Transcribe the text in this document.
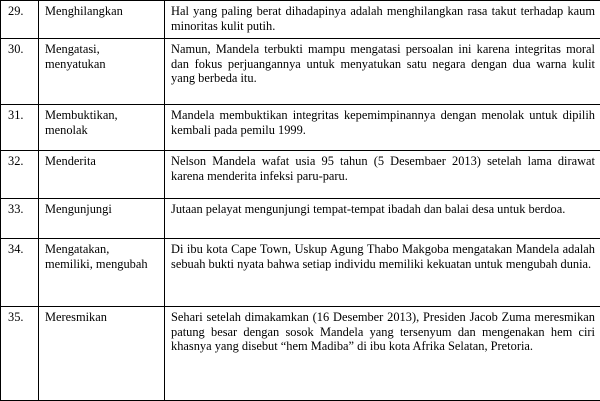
29.	Menghilangkan	Hal yang paling berat dihadapinya adalah menghilangkan rasa takut terhadap kaum minoritas kulit putih.
30.	Mengatasi, menyatukan	Namun, Mandela terbukti mampu mengatasi persoalan ini karena integritas moral dan fokus perjuangannya untuk menyatukan satu negara dengan dua warna kulit yang berbeda itu.
31.	Membuktikan, menolak	Mandela membuktikan integritas kepemimpinannya dengan menolak untuk dipilih kembali pada pemilu 1999.
32.	Menderita	Nelson Mandela wafat usia 95 tahun (5 Desembaer 2013) setelah lama dirawat karena menderita infeksi paru-paru.
33.	Mengunjungi	Jutaan pelayat mengunjungi tempat-tempat ibadah dan balai desa untuk berdoa.
34.	Mengatakan, memiliki, mengubah	Di ibu kota Cape Town, Uskup Agung Thabo Makgoba mengatakan Mandela adalah sebuah bukti nyata bahwa setiap individu memiliki kekuatan untuk mengubah dunia.
35.	Meresmikan	Sehari setelah dimakamkan (16 Desember 2013), Presiden Jacob Zuma meresmikan patung besar dengan sosok Mandela yang tersenyum dan mengenakan hem ciri khasnya yang disebut “hem Madiba” di ibu kota Afrika Selatan, Pretoria.
